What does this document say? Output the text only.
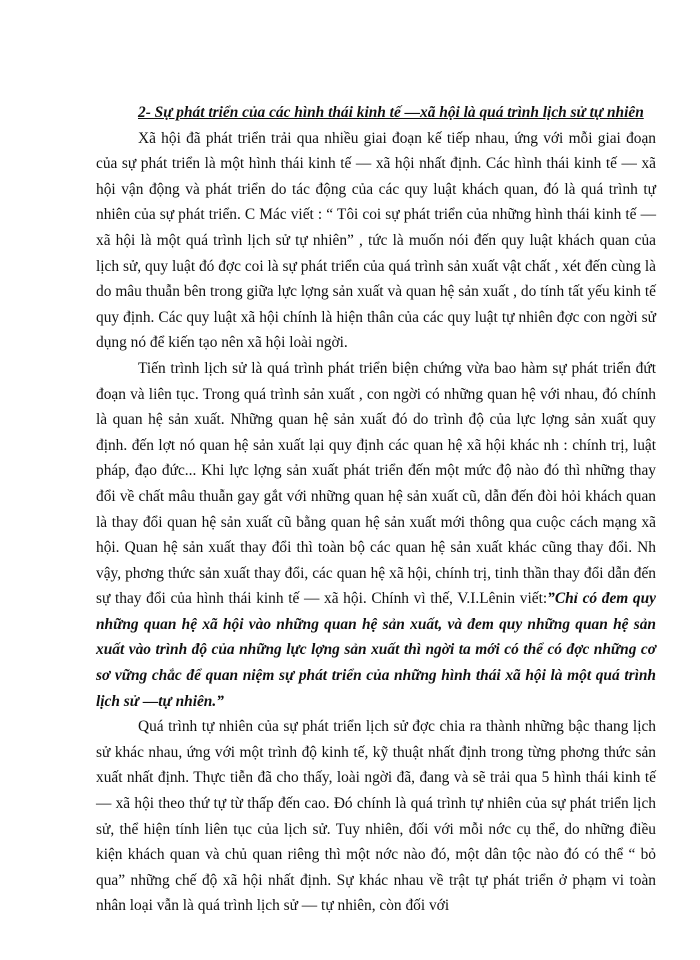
2- Sự phát triển của các hình thái kinh tế —xã hội là quá trình lịch sử tự nhiên

Xã hội đã phát triển trải qua nhiều giai đoạn kế tiếp nhau, ứng với mỗi giai đoạn của sự phát triển là một hình thái kinh tế — xã hội nhất định. Các hình thái kinh tế — xã hội vận động và phát triển do tác động của các quy luật khách quan, đó là quá trình tự nhiên của sự phát triển. C Mác viết : “ Tôi coi sự phát triển của những hình thái kinh tế — xã hội là một quá trình lịch sử tự nhiên” , tức là muốn nói đến quy luật khách quan của lịch sử, quy luật đó đợc coi là sự phát triển của quá trình sản xuất vật chất , xét đến cùng là do mâu thuẫn bên trong giữa lực lợng sản xuất và quan hệ sản xuất , do tính tất yếu kinh tế quy định. Các quy luật xã hội chính là hiện thân của các quy luật tự nhiên đợc con ngời sử dụng nó để kiến tạo nên xã hội loài ngời.

Tiến trình lịch sử là quá trình phát triển biện chứng vừa bao hàm sự phát triển đứt đoạn và liên tục. Trong quá trình sản xuất , con ngời có những quan hệ với nhau, đó chính là quan hệ sản xuất. Những quan hệ sản xuất đó do trình độ của lực lợng sản xuất quy định. đến lợt nó quan hệ sản xuất lại quy định các quan hệ xã hội khác nh : chính trị, luật pháp, đạo đức... Khi lực lợng sản xuất phát triển đến một mức độ nào đó thì những thay đổi về chất mâu thuẫn gay gắt với những quan hệ sản xuất cũ, dẫn đến đòi hỏi khách quan là thay đổi quan hệ sản xuất cũ bằng quan hệ sản xuất mới thông qua cuộc cách mạng xã hội. Quan hệ sản xuất thay đổi thì toàn bộ các quan hệ sản xuất khác cũng thay đổi. Nh vậy, phơng thức sản xuất thay đổi, các quan hệ xã hội, chính trị, tinh thần thay đổi dẫn đến sự thay đổi của hình thái kinh tế — xã hội. Chính vì thế, V.I.Lênin viết:”Chỉ có đem quy những quan hệ xã hội vào những quan hệ sản xuất, và đem quy những quan hệ sản xuất vào trình độ của những lực lợng sản xuất thì ngời ta mới có thể có đợc những cơ sơ vững chắc để quan niệm sự phát triển của những hình thái xã hội là một quá trình lịch sử —tự nhiên.”

Quá trình tự nhiên của sự phát triển lịch sử đợc chia ra thành những bậc thang lịch sử khác nhau, ứng với một trình độ kinh tế, kỹ thuật nhất định trong từng phơng thức sản xuất nhất định. Thực tiễn đã cho thấy, loài ngời đã, đang và sẽ trải qua 5 hình thái kinh tế — xã hội theo thứ tự từ thấp đến cao. Đó chính là quá trình tự nhiên của sự phát triển lịch sử, thể hiện tính liên tục của lịch sử. Tuy nhiên, đối với mỗi nớc cụ thể, do những điều kiện khách quan và chủ quan riêng thì một nớc nào đó, một dân tộc nào đó có thể “ bỏ qua” những chế độ xã hội nhất định. Sự khác nhau về trật tự phát triển ở phạm vi toàn nhân loại vẫn là quá trình lịch sử — tự nhiên, còn đối với
